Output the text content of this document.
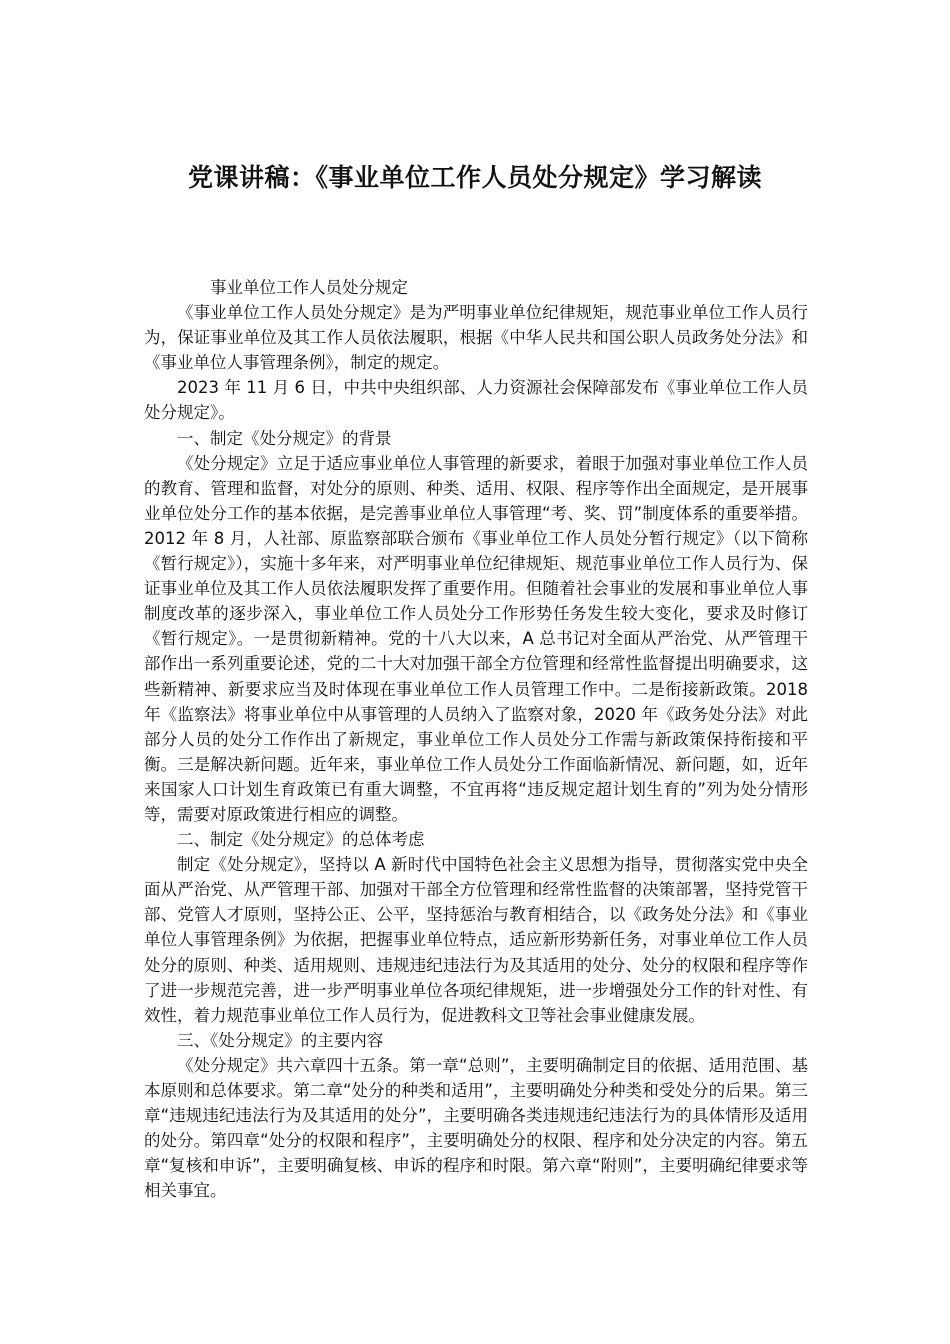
党课讲稿：《事业单位工作人员处分规定》学习解读

事业单位工作人员处分规定

《事业单位工作人员处分规定》是为严明事业单位纪律规矩，规范事业单位工作人员行为，保证事业单位及其工作人员依法履职，根据《中华人民共和国公职人员政务处分法》和《事业单位人事管理条例》，制定的规定。

2023 年 11 月 6 日，中共中央组织部、人力资源社会保障部发布《事业单位工作人员处分规定》。

一、制定《处分规定》的背景

《处分规定》立足于适应事业单位人事管理的新要求，着眼于加强对事业单位工作人员的教育、管理和监督，对处分的原则、种类、适用、权限、程序等作出全面规定，是开展事业单位处分工作的基本依据，是完善事业单位人事管理“考、奖、罚”制度体系的重要举措。2012 年 8 月，人社部、原监察部联合颁布《事业单位工作人员处分暂行规定》（以下简称《暂行规定》），实施十多年来，对严明事业单位纪律规矩、规范事业单位工作人员行为、保证事业单位及其工作人员依法履职发挥了重要作用。但随着社会事业的发展和事业单位人事制度改革的逐步深入，事业单位工作人员处分工作形势任务发生较大变化，要求及时修订《暂行规定》。一是贯彻新精神。党的十八大以来，A 总书记对全面从严治党、从严管理干部作出一系列重要论述，党的二十大对加强干部全方位管理和经常性监督提出明确要求，这些新精神、新要求应当及时体现在事业单位工作人员管理工作中。二是衔接新政策。2018 年《监察法》将事业单位中从事管理的人员纳入了监察对象，2020 年《政务处分法》对此部分人员的处分工作作出了新规定，事业单位工作人员处分工作需与新政策保持衔接和平衡。三是解决新问题。近年来，事业单位工作人员处分工作面临新情况、新问题，如，近年来国家人口计划生育政策已有重大调整，不宜再将“违反规定超计划生育的”列为处分情形等，需要对原政策进行相应的调整。

二、制定《处分规定》的总体考虑

制定《处分规定》，坚持以 A 新时代中国特色社会主义思想为指导，贯彻落实党中央全面从严治党、从严管理干部、加强对干部全方位管理和经常性监督的决策部署，坚持党管干部、党管人才原则，坚持公正、公平，坚持惩治与教育相结合，以《政务处分法》和《事业单位人事管理条例》为依据，把握事业单位特点，适应新形势新任务，对事业单位工作人员处分的原则、种类、适用规则、违规违纪违法行为及其适用的处分、处分的权限和程序等作了进一步规范完善，进一步严明事业单位各项纪律规矩，进一步增强处分工作的针对性、有效性，着力规范事业单位工作人员行为，促进教科文卫等社会事业健康发展。

三、《处分规定》的主要内容

《处分规定》共六章四十五条。第一章“总则”，主要明确制定目的依据、适用范围、基本原则和总体要求。第二章“处分的种类和适用”，主要明确处分种类和受处分的后果。第三章“违规违纪违法行为及其适用的处分”，主要明确各类违规违纪违法行为的具体情形及适用的处分。第四章“处分的权限和程序”，主要明确处分的权限、程序和处分决定的内容。第五章“复核和申诉”，主要明确复核、申诉的程序和时限。第六章“附则”，主要明确纪律要求等相关事宜。
